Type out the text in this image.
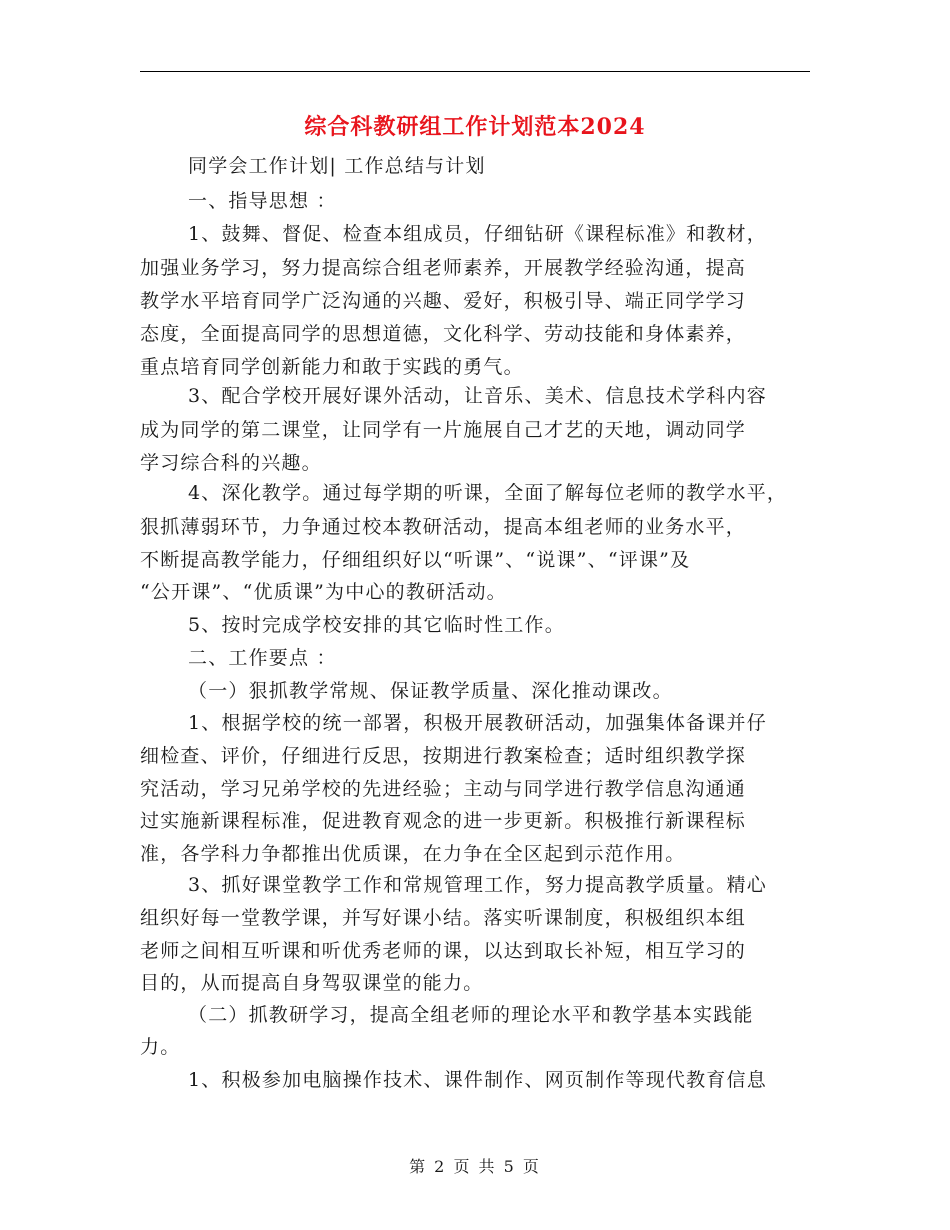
综合科教研组工作计划范本2024
同学会工作计划| 工作总结与计划
一、指导思想 ：
1、鼓舞、督促、检查本组成员，仔细钻研《课程标准》和教材，
加强业务学习，努力提高综合组老师素养，开展教学经验沟通，提高
教学水平培育同学广泛沟通的兴趣、爱好，积极引导、端正同学学习
态度，全面提高同学的思想道德，文化科学、劳动技能和身体素养，
重点培育同学创新能力和敢于实践的勇气。
3、配合学校开展好课外活动，让音乐、美术、信息技术学科内容
成为同学的第二课堂，让同学有一片施展自己才艺的天地，调动同学
学习综合科的兴趣。
4、深化教学。通过每学期的听课，全面了解每位老师的教学水平，
狠抓薄弱环节，力争通过校本教研活动，提高本组老师的业务水平，
不断提高教学能力，仔细组织好以“听课”、“说课”、“评课”及
“公开课”、“优质课”为中心的教研活动。
5、按时完成学校安排的其它临时性工作。
二、工作要点 ：
（一）狠抓教学常规、保证教学质量、深化推动课改。
1、根据学校的统一部署，积极开展教研活动，加强集体备课并仔
细检查、评价，仔细进行反思，按期进行教案检查；适时组织教学探
究活动，学习兄弟学校的先进经验；主动与同学进行教学信息沟通通
过实施新课程标准，促进教育观念的进一步更新。积极推行新课程标
准，各学科力争都推出优质课，在力争在全区起到示范作用。
3、抓好课堂教学工作和常规管理工作，努力提高教学质量。精心
组织好每一堂教学课，并写好课小结。落实听课制度，积极组织本组
老师之间相互听课和听优秀老师的课，以达到取长补短，相互学习的
目的，从而提高自身驾驭课堂的能力。
（二）抓教研学习，提高全组老师的理论水平和教学基本实践能
力。
1、积极参加电脑操作技术、课件制作、网页制作等现代教育信息
第 2 页 共 5 页
